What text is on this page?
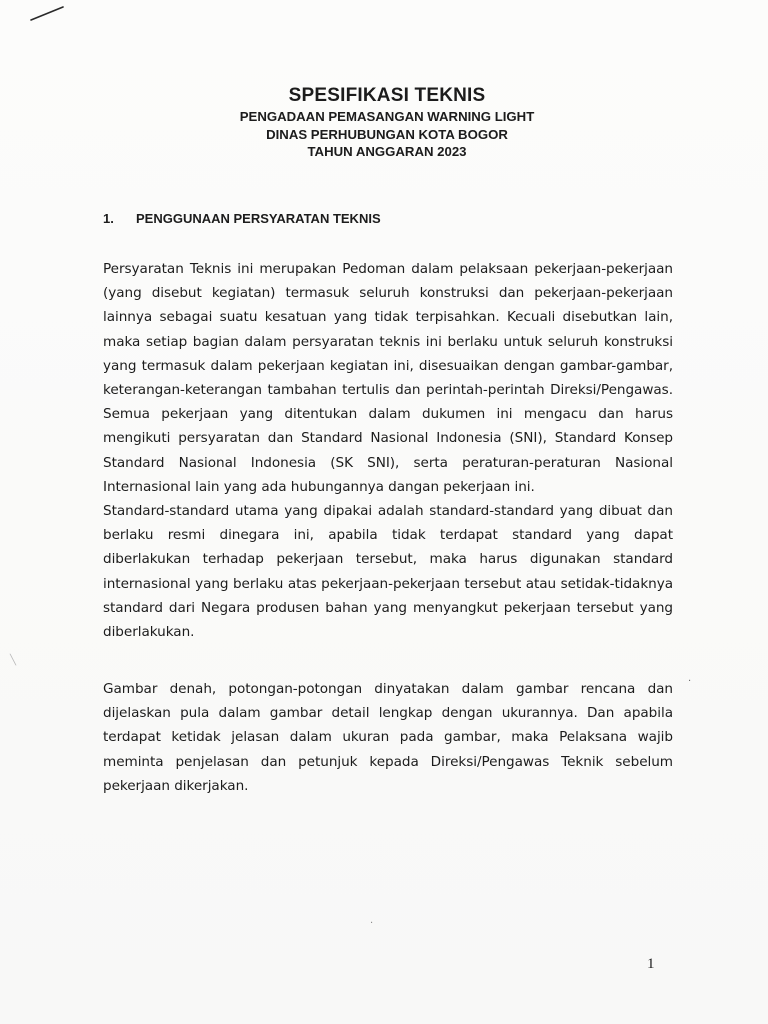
SPESIFIKASI TEKNIS

PENGADAAN PEMASANGAN WARNING LIGHT

DINAS PERHUBUNGAN KOTA BOGOR

TAHUN ANGGARAN 2023

1.	PENGGUNAAN PERSYARATAN TEKNIS

Persyaratan Teknis ini merupakan Pedoman dalam pelaksaan pekerjaan-pekerjaan (yang disebut kegiatan) termasuk seluruh konstruksi dan pekerjaan-pekerjaan lainnya sebagai suatu kesatuan yang tidak terpisahkan. Kecuali disebutkan lain, maka setiap bagian dalam persyaratan teknis ini berlaku untuk seluruh konstruksi yang termasuk dalam pekerjaan kegiatan ini, disesuaikan dengan gambar-gambar, keterangan-keterangan tambahan tertulis dan perintah-perintah Direksi/Pengawas. Semua pekerjaan yang ditentukan dalam dukumen ini mengacu dan harus mengikuti persyaratan dan Standard Nasional Indonesia (SNI), Standard Konsep Standard Nasional Indonesia (SK SNI), serta peraturan-peraturan Nasional Internasional lain yang ada hubungannya dangan pekerjaan ini.

Standard-standard utama yang dipakai adalah standard-standard yang dibuat dan berlaku resmi dinegara ini, apabila tidak terdapat standard yang dapat diberlakukan terhadap pekerjaan tersebut, maka harus digunakan standard internasional yang berlaku atas pekerjaan-pekerjaan tersebut atau setidak-tidaknya standard dari Negara produsen bahan yang menyangkut pekerjaan tersebut yang diberlakukan.

Gambar denah, potongan-potongan dinyatakan dalam gambar rencana dan dijelaskan pula dalam gambar detail lengkap dengan ukurannya. Dan apabila terdapat ketidak jelasan dalam ukuran pada gambar, maka Pelaksana wajib meminta penjelasan dan petunjuk kepada Direksi/Pengawas Teknik sebelum pekerjaan dikerjakan.

1
╲
·
·
